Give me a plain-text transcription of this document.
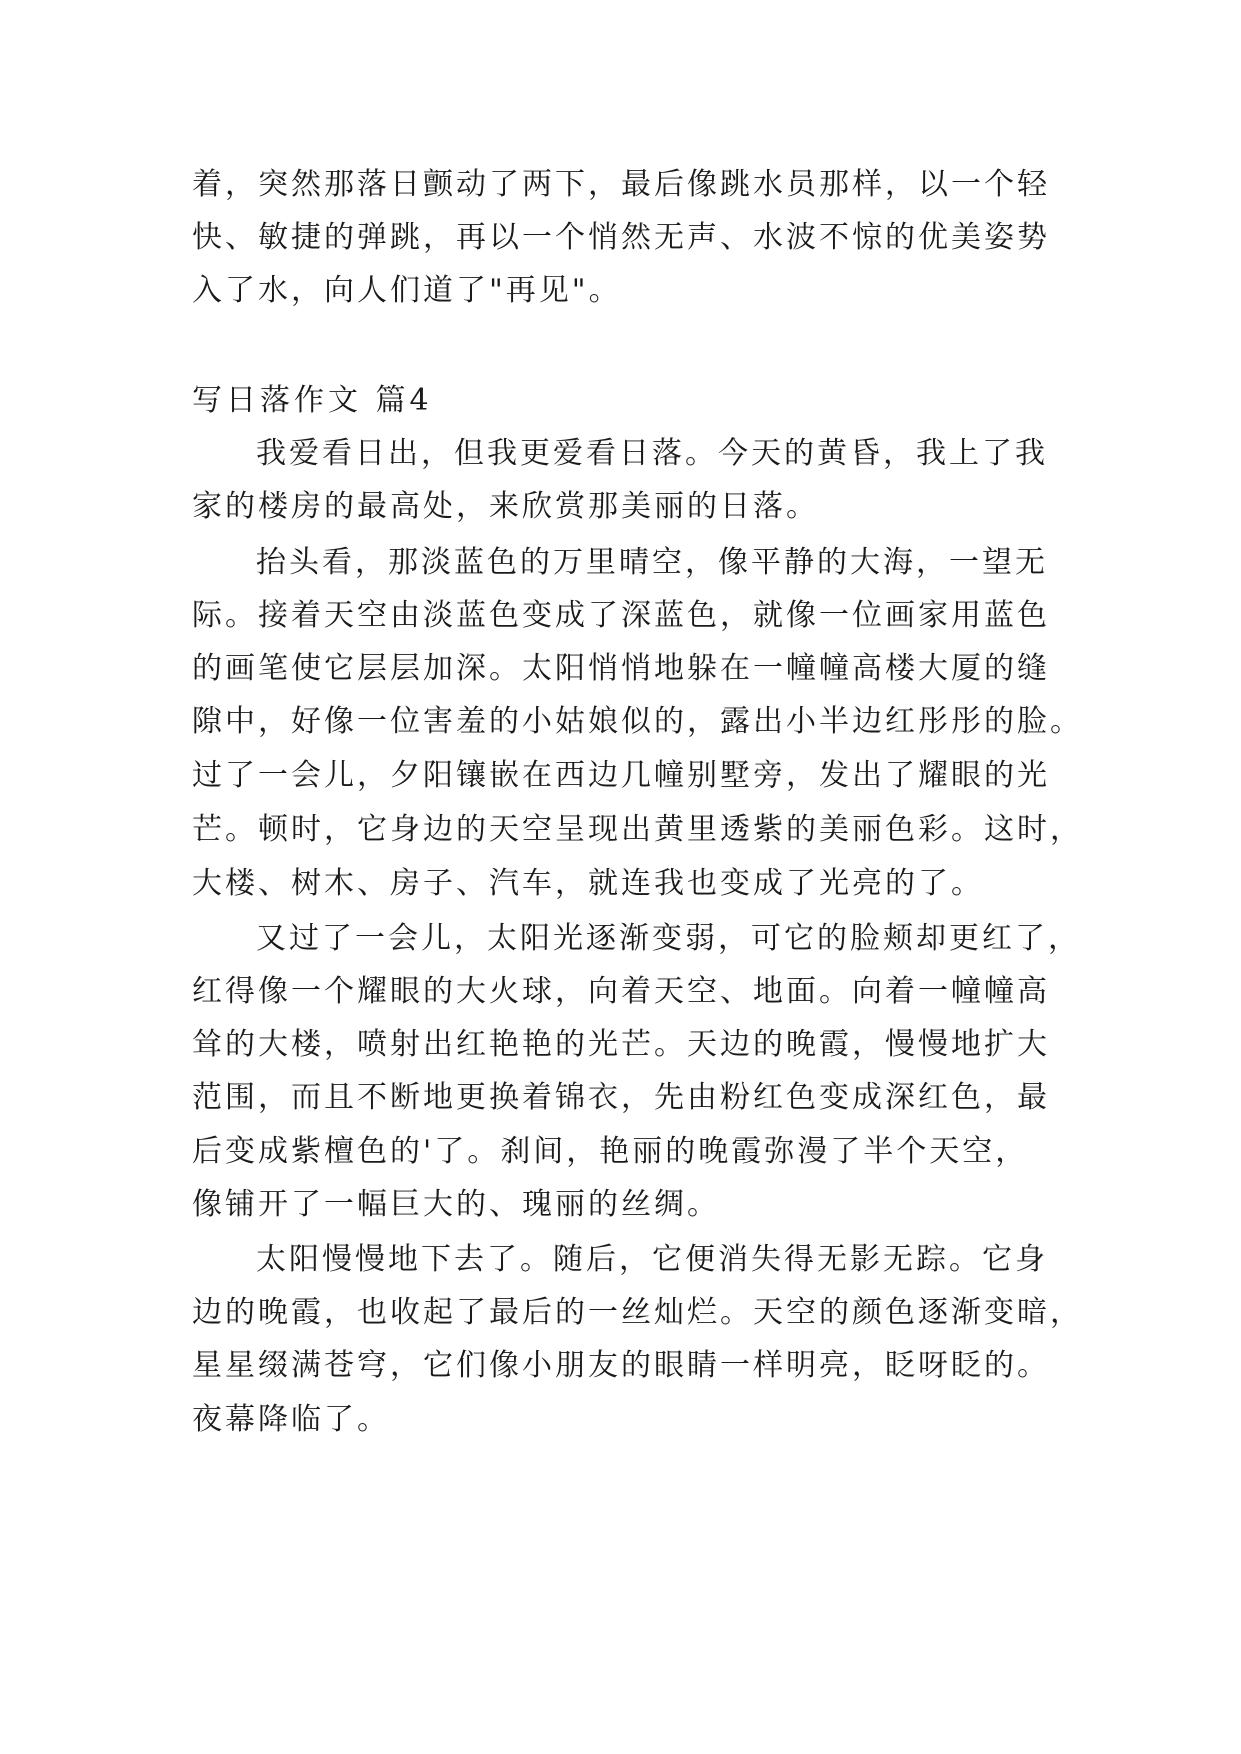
着，突然那落日颤动了两下，最后像跳水员那样，以一个轻
快、敏捷的弹跳，再以一个悄然无声、水波不惊的优美姿势
入了水，向人们道了"再见"。
写日落作文 篇4
我爱看日出，但我更爱看日落。今天的黄昏，我上了我
家的楼房的最高处，来欣赏那美丽的日落。
抬头看，那淡蓝色的万里晴空，像平静的大海，一望无
际。接着天空由淡蓝色变成了深蓝色，就像一位画家用蓝色
的画笔使它层层加深。太阳悄悄地躲在一幢幢高楼大厦的缝
隙中，好像一位害羞的小姑娘似的，露出小半边红彤彤的脸。
过了一会儿，夕阳镶嵌在西边几幢别墅旁，发出了耀眼的光
芒。顿时，它身边的天空呈现出黄里透紫的美丽色彩。这时，
大楼、树木、房子、汽车，就连我也变成了光亮的了。
又过了一会儿，太阳光逐渐变弱，可它的脸颊却更红了，
红得像一个耀眼的大火球，向着天空、地面。向着一幢幢高
耸的大楼，喷射出红艳艳的光芒。天边的晚霞，慢慢地扩大
范围，而且不断地更换着锦衣，先由粉红色变成深红色，最
后变成紫檀色的'了。刹间，艳丽的晚霞弥漫了半个天空，
像铺开了一幅巨大的、瑰丽的丝绸。
太阳慢慢地下去了。随后，它便消失得无影无踪。它身
边的晚霞，也收起了最后的一丝灿烂。天空的颜色逐渐变暗，
星星缀满苍穹，它们像小朋友的眼睛一样明亮，眨呀眨的。
夜幕降临了。
